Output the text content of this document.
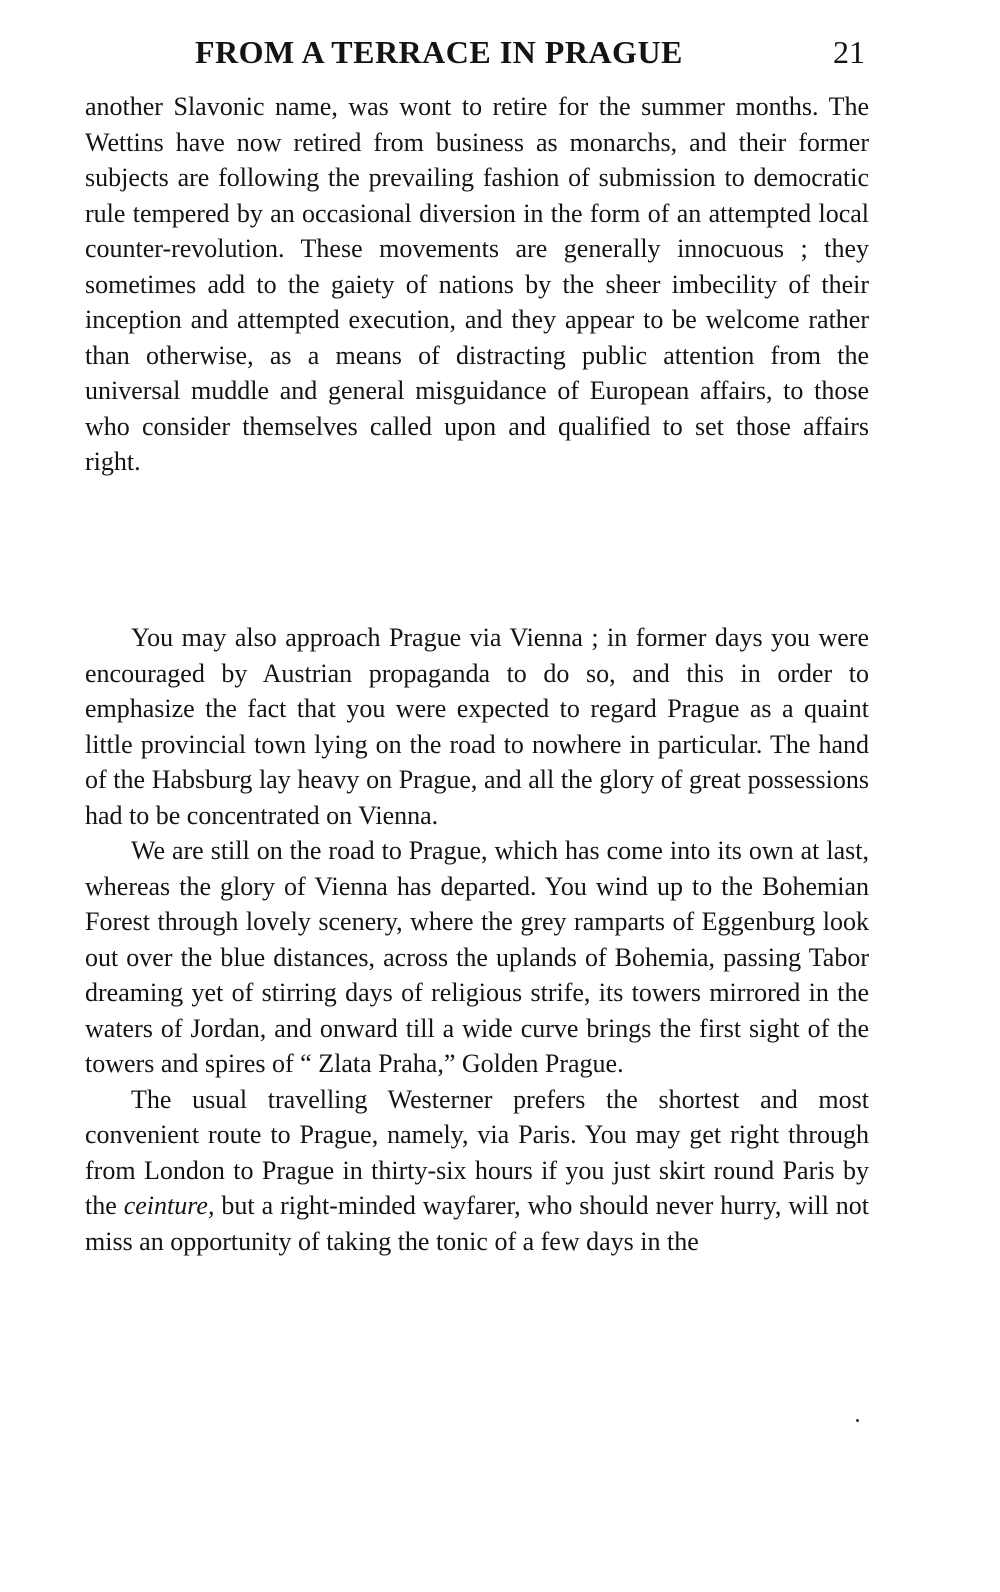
FROM A TERRACE IN PRAGUE	21

another Slavonic name, was wont to retire for the summer months. The Wettins have now retired from business as monarchs, and their former subjects are following the prevailing fashion of submission to democratic rule tempered by an occasional diversion in the form of an attempted local counter-revolution. These movements are generally innocuous ; they sometimes add to the gaiety of nations by the sheer imbecility of their inception and attempted execution, and they appear to be welcome rather than otherwise, as a means of distracting public attention from the universal muddle and general misguidance of European affairs, to those who consider themselves called upon and qualified to set those affairs right.

You may also approach Prague via Vienna ; in former days you were encouraged by Austrian propaganda to do so, and this in order to emphasize the fact that you were expected to regard Prague as a quaint little provincial town lying on the road to nowhere in particular. The hand of the Habsburg lay heavy on Prague, and all the glory of great possessions had to be concentrated on Vienna.

We are still on the road to Prague, which has come into its own at last, whereas the glory of Vienna has departed. You wind up to the Bohemian Forest through lovely scenery, where the grey ramparts of Eggenburg look out over the blue distances, across the uplands of Bohemia, passing Tabor dreaming yet of stirring days of religious strife, its towers mirrored in the waters of Jordan, and onward till a wide curve brings the first sight of the towers and spires of “ Zlata Praha,” Golden Prague.

The usual travelling Westerner prefers the shortest and most convenient route to Prague, namely, via Paris. You may get right through from London to Prague in thirty-six hours if you just skirt round Paris by the ceinture, but a right-minded wayfarer, who should never hurry, will not miss an opportunity of taking the tonic of a few days in the
